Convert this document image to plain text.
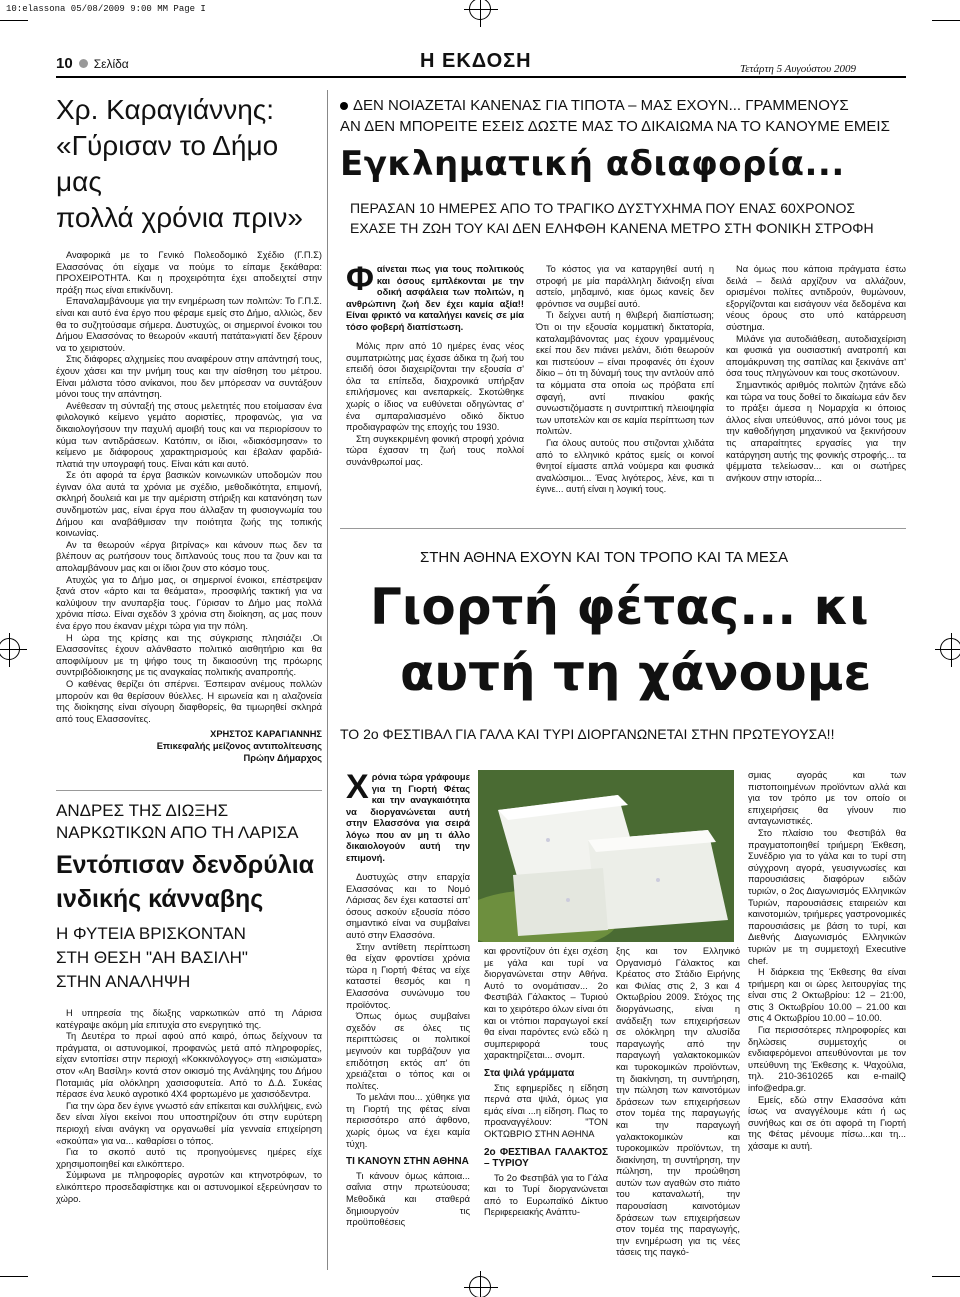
10:elassona 05/08/2009 9:00 MM Page I
10 Σελίδα	Η ΕΚΔΟΣΗ	Τετάρτη 5 Αυγούστου 2009
Χρ. Καραγιάννης:
«Γύρισαν το Δήμο μας
πολλά χρόνια πριν»

Αναφορικά με το Γενικό Πολεοδομικό Σχέδιο (Γ.Π.Σ) Ελασσόνας ότι είχαμε να πούμε το είπαμε ξεκάθαρα: ΠΡΟΧΕΙΡΟΤΗΤΑ. Και η προχειρότητα έχει αποδειχτεί στην πράξη πως είναι επικίνδυνη.

Επαναλαμβάνουμε για την ενημέρωση των πολιτών: Το Γ.Π.Σ. είναι και αυτό ένα έργο που φέραμε εμείς στο Δήμο, αλλιώς, δεν θα το συζητούσαμε σήμερα. Δυστυχώς, οι σημερινοί ένοικοι του Δήμου Ελασσόνας το θεωρούν «καυτή πατάτα»γιατί δεν ξέρουν να το χειριστούν.

Στις διάφορες αλχημείες που αναφέρουν στην απάντησή τους, έχουν χάσει και την μνήμη τους και την αίσθηση του μέτρου. Είναι μάλιστα τόσο ανίκανοι, που δεν μπόρεσαν να συντάξουν μόνοι τους την απάντηση.

Ανέθεσαν τη σύνταξή της στους μελετητές που ετοίμασαν ένα φιλολογικό κείμενο γεμάτο αοριστίες, προφανώς, για να δικαιολογήσουν την παχυλή αμοιβή τους και να περιορίσουν το κύμα των αντιδράσεων. Κατόπιν, οι ίδιοι, «διακόσμησαν» το κείμενο με διάφορους χαρακτηρισμούς και έβαλαν φαρδιά-πλατιά την υπογραφή τους. Είναι κάτι και αυτό.

Σε ότι αφορά τα έργα βασικών κοινωνικών υποδομών που έγιναν όλα αυτά τα χρόνια με σχέδιο, μεθοδικότητα, επιμονή, σκληρή δουλειά και με την αμέριστη στήριξη και κατανόηση των συνδημοτών μας, είναι έργα που άλλαξαν τη φυσιογνωμία του Δήμου και αναβάθμισαν την ποιότητα ζωής της τοπικής κοινωνίας.

Αν τα θεωρούν «έργα βιτρίνας» και κάνουν πως δεν τα βλέπουν ας ρωτήσουν τους διπλανούς τους που τα ζουν και τα απολαμβάνουν μας και οι ίδιοι ζουν στο κόσμο τους.

Ατυχώς για το Δήμο μας, οι σημερινοί ένοικοι, επέστρεψαν ξανά στον «άρτο και τα θεάματα», προσφιλής τακτική για να καλύψουν την ανυπαρξία τους. Γύρισαν το Δήμο μας πολλά χρόνια πίσω. Είναι σχεδόν 3 χρόνια στη διοίκηση, ας μας πουν ένα έργο που έκαναν μέχρι τώρα για την πόλη.

Η ώρα της κρίσης και της σύγκρισης πλησιάζει .Οι Ελασσονίτες έχουν αλάνθαστο πολιτικό αισθητήριο και θα αποφιλίμουν με τη ψήφο τους τη δικαιοσύνη της πρόωρης συντριβόδιοικησης με τις αναγκαίας πολιτικής αναπροπής.

Ο καθένας θερίζει ότι σπέρνει. Έσπειραν ανέμους πολλών μπορούν και θα θερίσουν θύελλες. Η ειρωνεία και η αλαζονεία της διοίκησης είναι σίγουρη διαφθορείς, θα τιμωρηθεί σκληρά από τους Ελασσονίτες.

ΧΡΗΣΤΟΣ ΚΑΡΑΓΙΑΝΝΗΣ
Επικεφαλής μείζονος αντιπολίτευσης
Πρώην Δήμαρχος
ΑΝΔΡΕΣ ΤΗΣ ΔΙΩΞΗΣ
ΝΑΡΚΩΤΙΚΩΝ ΑΠΟ ΤΗ ΛΑΡΙΣΑ
Εντόπισαν δενδρύλια
ινδικής κάνναβης
Η ΦΥΤΕΙΑ ΒΡΙΣΚΟΝΤΑΝ
ΣΤΗ ΘΕΣΗ "ΑΗ ΒΑΣΙΛΗ"
ΣΤΗΝ ΑΝΑΛΗΨΗ

Η υπηρεσία της δίωξης ναρκωτικών από τη Λάρισα κατέγραψε ακόμη μία επιτυχία στο ενεργητικό της.

Τη Δευτέρα το πρωί αφού από καιρό, όπως δείχνουν τα πράγματα, οι αστυνομικοί, προφανώς μετά από πληροφορίες, είχαν εντοπίσει στην περιοχή «Κοκκινόλογγος» στη «ισιώματα» στον «Αη Βασίλη» κοντά στον οικισμό της Ανάληψης του Δήμου Ποταμιάς μία ολόκληρη χασισοφυτεία. Από το Δ.Δ. Συκέας πέρασε ένα λευκό αγροτικό 4Χ4 φορτωμένο με χασισόδεντρα.

Για την ώρα δεν έγινε γνωστό εάν επίκειται και συλλήψεις, ενώ δεν είναι λίγοι εκείνοι που υποστηρίζουν ότι στην ευρύτερη περιοχή είναι ανάγκη να οργανωθεί μία γενναία επιχείρηση «σκούπα» για να... καθαρίσει ο τόπος.

Για το σκοπό αυτό τις προηγούμενες ημέρες είχε χρησιμοποιηθεί και ελικόπτερο.

Σύμφωνα με πληροφορίες αγροτών και κτηνοτρόφων, το ελικόπτερο προσεδαφίστηκε και οι αστυνομικοί εξερεύνησαν το χώρο.

ΔΕΝ ΝΟΙΑΖΕΤΑΙ ΚΑΝΕΝΑΣ ΓΙΑ ΤΙΠΟΤΑ – ΜΑΣ ΕΧΟΥΝ... ΓΡΑΜΜΕΝΟΥΣ
ΑΝ ΔΕΝ ΜΠΟΡΕΙΤΕ ΕΣΕΙΣ ΔΩΣΤΕ ΜΑΣ ΤΟ ΔΙΚΑΙΩΜΑ ΝΑ ΤΟ ΚΑΝΟΥΜΕ ΕΜΕΙΣ
Εγκληματική αδιαφορία...
ΠΕΡΑΣΑΝ 10 ΗΜΕΡΕΣ ΑΠΟ ΤΟ ΤΡΑΓΙΚΟ ΔΥΣΤΥΧΗΜΑ ΠΟΥ ΕΝΑΣ 60ΧΡΟΝΟΣ
ΕΧΑΣΕ ΤΗ ΖΩΗ ΤΟΥ ΚΑΙ ΔΕΝ ΕΛΗΦΘΗ ΚΑΝΕΝΑ ΜΕΤΡΟ ΣΤΗ ΦΟΝΙΚΗ ΣΤΡΟΦΗ
Φ αίνεται πως για τους πολιτικούς και όσους εμπλέκονται με την οδική ασφάλεια των πολιτών, η ανθρώπινη ζωή δεν έχει καμία αξία!! Είναι φρικτό να καταλήγει κανείς σε μία τόσο φοβερή διαπίστωση.

Μόλις πριν από 10 ημέρες ένας νέος συμπατριώτης μας έχασε άδικα τη ζωή του επειδή όσοι διαχειρίζονται την εξουσία σ' όλα τα επίπεδα, διαχρονικά υπήρξαν επιλήσμονες και ανεπαρκείς. Σκοτώθηκε χωρίς ο ίδιος να ευθύνεται οδηγώντας σ' ένα σμπαραλιασμένο οδικό δίκτυο προδιαγραφών της εποχής του 1930.

Στη συγκεκριμένη φονική στροφή χρόνια τώρα έχασαν τη ζωή τους πολλοί συνάνθρωποί μας.

Το κόστος για να καταργηθεί αυτή η στροφή με μία παράλληλη διάνοιξη είναι αστείο, μηδαμινό, κιαε όμως κανείς δεν φρόντισε να συμβεί αυτό.

Τι δείχνει αυτή η θλιβερή διαπίστωση; Ότι οι την εξουσία κομματική δικτατορία, καταλαμβάνοντας μας έχουν γραμμένους εκεί που δεν πιάνει μελάνι, διότι θεωρούν και πιστεύουν – είναι προφανές ότι έχουν δίκιο – ότι τη δύναμή τους την αντλούν από τα κόμματα στα οποία ως πρόβατα επί σφαγή, αντί πινακίου φακής συνωστιζόμαστε η συντριπτική πλειοψηφία των υποτελών και σε καμία περίπτωση των πολιτών.

Για όλους αυτούς που στιζονται χλιδάτα από το ελληνικό κράτος εμείς οι κοινοί θνητοί είμαστε απλά νούμερα και φυσικά αναλώσιμοι... Ένας λιγότερος, λένε, και τι έγινε... αυτή είναι η λογική τους.

Να όμως που κάποια πράγματα έστω δειλά – δειλά αρχίζουν να αλλάζουν, ορισμένοι πολίτες αντιδρούν, θυμώνουν, εξοργίζονται και εισάγουν νέα δεδομένα και νέους όρους στο υπό κατάρρευση σύστημα.

Μιλάνε για αυτοδιάθεση, αυτοδιαχείριση και φυσικά για ουσιαστική ανατροπή και απομάκρυνση της σαπίλας και ξεκινάνε απ' όσα τους πληγώνουν και τους σκοτώνουν.

Σημαντικός αριθμός πολιτών ζητάνε εδώ και τώρα να τους δοθεί το δικαίωμα εάν δεν το πράξει άμεσα η Νομαρχία κι όποιος άλλος είναι υπεύθυνος, από μόνοι τους με την καθοδήγηση μηχανικού να ξεκινήσουν τις απαραίτητες εργασίες για την κατάργηση αυτής της φονικής στροφής... τα ψέμματα τελείωσαν... και οι σωτήρες ανήκουν στην ιστορία...

ΣΤΗΝ ΑΘΗΝΑ ΕΧΟΥΝ ΚΑΙ ΤΟΝ ΤΡΟΠΟ ΚΑΙ ΤΑ ΜΕΣΑ
Γιορτή φέτας... κι
αυτή τη χάνουμε
ΤΟ 2ο ΦΕΣΤΙΒΑΛ ΓΙΑ ΓΑΛΑ ΚΑΙ ΤΥΡΙ ΔΙΟΡΓΑΝΩΝΕΤΑΙ ΣΤΗΝ ΠΡΩΤΕΥΟΥΣΑ!!
Χ ρόνια τώρα γράφουμε για τη Γιορτή Φέτας και την αναγκαιότητα να διοργανώνεται αυτή στην Ελασσόνα για σειρά λόγω που αν μη τι άλλο δικαιολογούν αυτή την επιμονή.

Δυστυχώς στην επαρχία Ελασσόνας και το Νομό Λάρισας δεν έχει καταστεί απ' όσους ασκούν εξουσία πόσο σημαντικό είναι να συμβαίνει αυτό στην Ελασσόνα.

Στην αντίθετη περίπτωση θα είχαν φροντίσει χρόνια τώρα η Γιορτή Φέτας να είχε καταστεί θεσμός και η Ελασσόνα συνώνυμο του προϊόντος.

Όπως όμως συμβαίνει σχεδόν σε όλες τις περιπτώσεις οι πολιτικοί μεγινούν και τυρβάζουν για επιδότηση εκτός απ' ότι χρειάζεται ο τόπος και οι πολίτες.

Το μελάνι που... χύθηκε για τη Γιορτή της φέτας είναι περισσότερο από άφθονο, χωρίς όμως να έχει καμία τύχη.

ΤΙ ΚΑΝΟΥΝ ΣΤΗΝ ΑΘΗΝΑ

Τι κάνουν όμως κάποια... σαΐνια στην πρωτεύουσα; Μεθοδικά και σταθερά δημιουργούν τις προϋποθέσεις

και φροντίζουν ότι έχει σχέση με γάλα και τυρί να διοργανώνεται στην Αθήνα. Αυτό το ονομάτισαν... 2ο Φεστιβάλ Γάλακτος – Τυριού και το χειρότερο όλων είναι ότι και οι ντόπιοι παραγωγοί εκεί θα είναι παρόντες ενώ εδώ η συμπεριφορά τους χαρακτηρίζεται... σνομπ.

Στα ψιλά γράμματα

Στις εφημερίδες η είδηση περνά στα ψιλά, όμως για εμάς είναι ...η είδηση. Πως το προαναγγέλουν: "ΤΟΝ ΟΚΤΩΒΡΙΟ ΣΤΗΝ ΑΘΗΝΑ

2ο ΦΕΣΤΙΒΑΛ ΓΑΛΑΚΤΟΣ – ΤΥΡΙΟΥ

Το 2ο Φεστιβάλ για το Γάλα και το Τυρί διοργανώνεται από το Ευρωπαϊκό Δίκτυο Περιφερειακής Ανάπτυ-

ξης και τον Ελληνικό Οργανισμό Γάλακτος και Κρέατος στο Στάδιο Ειρήνης και Φιλίας στις 2, 3 και 4 Οκτωβρίου 2009. Στόχος της διοργάνωσης, είναι η ανάδειξη των επιχειρήσεων σε ολόκληρη την αλυσίδα παραγωγής από την παραγωγή γαλακτοκομικών και τυροκομικών προϊόντων, τη διακίνηση, τη συντήρηση, την πώληση των καινοτόμων δράσεων των επιχειρήσεων στον τομέα της παραγωγής και την παραγωγή γαλακτοκομικών και τυροκομικών προϊόντων, τη διακίνηση, τη συντήρηση, την πώληση, την προώθηση αυτών των αγαθών στο πιάτο του καταναλωτή, την παρουσίαση καινοτόμων δράσεων των επιχειρήσεων στον τομέα της παραγωγής, την ενημέρωση για τις νέες τάσεις της παγκό-

σμιας αγοράς και των πιστοποιημένων προϊόντων αλλά και για τον τρόπο με τον οποίο οι επιχειρήσεις θα γίνουν πιο ανταγωνιστικές.

Στο πλαίσιο του Φεστιβάλ θα πραγματοποιηθεί τριήμερη Έκθεση, Συνέδριο για το γάλα και το τυρί στη σύγχρονη αγορά, γευσιγνωσίες και παρουσιάσεις διαφόρων ειδών τυριών, ο 2ος Διαγωνισμός Ελληνικών Τυριών, παρουσιάσεις εταιρειών και καινοτομιών, τριήμερες γαστρονομικές παρουσιάσεις με βάση το τυρί, και Διεθνής Διαγωνισμός Ελληνικών τυριών με τη συμμετοχή Executive chef.

Η διάρκεια της Έκθεσης θα είναι τριήμερη και οι ώρες λειτουργίας της είναι στις 2 Οκτωβρίου: 12 – 21:00, στις 3 Οκτωβρίου 10.00 – 21.00 και στις 4 Οκτωβρίου 10.00 – 10.00.

Για περισσότερες πληροφορίες και δηλώσεις συμμετοχής οι ενδιαφερόμενοι απευθύνονται με τον υπεύθυνη της Έκθεσης κ. Ψαχούλια, τηλ. 210-3610265 και e-mailQ info@edpa.gr.

Εμείς, εδώ στην Ελασσόνα κάτι ίσως να αναγγέλουμε κάτι ή ως συνήθως και σε ότι αφορά τη Γιορτή της Φέτας μένουμε πίσω...και τη... χάσαμε κι αυτή.
